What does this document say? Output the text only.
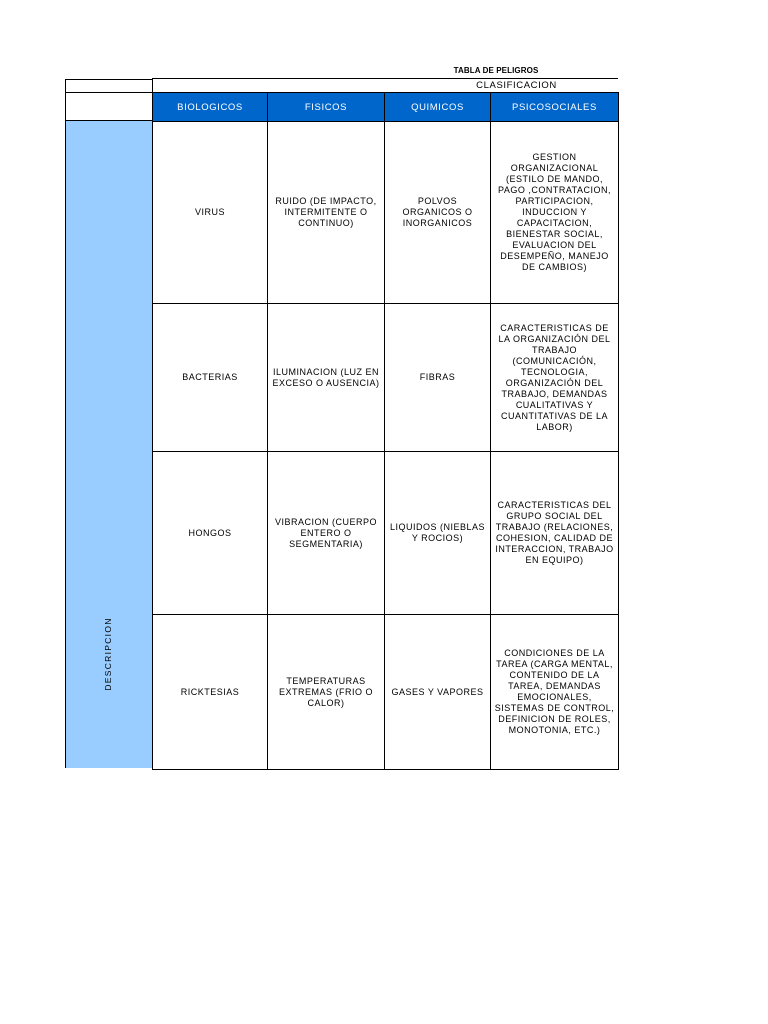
TABLA DE PELIGROS
CLASIFICACION
DESCRIPCION
BIOLOGICOS	FISICOS	QUIMICOS	PSICOSOCIALES
VIRUS	RUIDO (DE IMPACTO, INTERMITENTE O CONTINUO)	POLVOS ORGANICOS O INORGANICOS	GESTION ORGANIZACIONAL (ESTILO DE MANDO, PAGO ,CONTRATACION, PARTICIPACION, INDUCCION Y CAPACITACION, BIENESTAR SOCIAL, EVALUACION DEL DESEMPEÑO, MANEJO DE CAMBIOS)
BACTERIAS	ILUMINACION (LUZ EN EXCESO O AUSENCIA)	FIBRAS	CARACTERISTICAS DE LA ORGANIZACIÓN DEL TRABAJO (COMUNICACIÓN, TECNOLOGIA, ORGANIZACIÓN DEL TRABAJO, DEMANDAS CUALITATIVAS Y CUANTITATIVAS DE LA LABOR)
HONGOS	VIBRACION (CUERPO ENTERO O SEGMENTARIA)	LIQUIDOS (NIEBLAS Y ROCIOS)	CARACTERISTICAS DEL GRUPO SOCIAL DEL TRABAJO (RELACIONES, COHESION, CALIDAD DE INTERACCION, TRABAJO EN EQUIPO)
RICKTESIAS	TEMPERATURAS EXTREMAS (FRIO O CALOR)	GASES Y VAPORES	CONDICIONES DE LA TAREA (CARGA MENTAL, CONTENIDO DE LA TAREA, DEMANDAS EMOCIONALES, SISTEMAS DE CONTROL, DEFINICION DE ROLES, MONOTONIA, ETC.)
